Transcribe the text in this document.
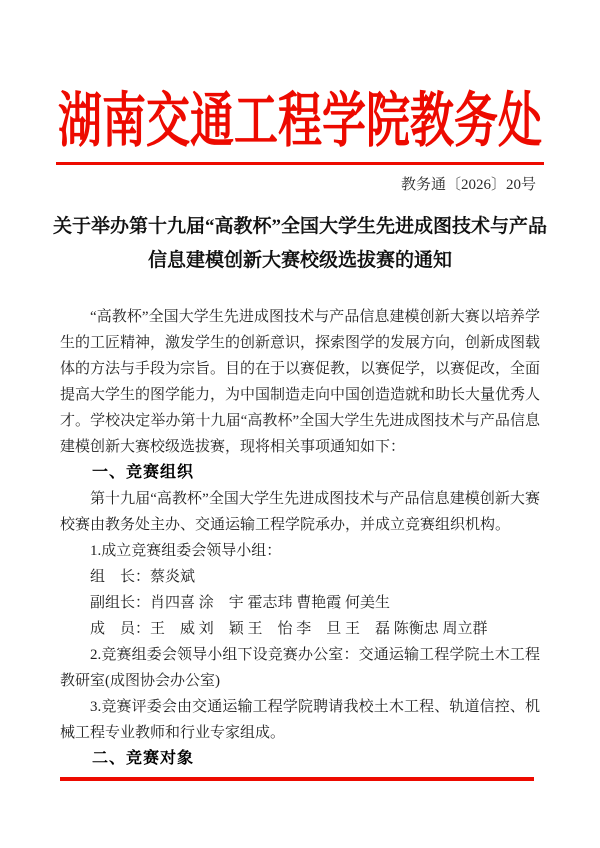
湖南交通工程学院教务处
教务通〔2026〕20号
关于举办第十九届“高教杯”全国大学生先进成图技术与产品信息建模创新大赛校级选拔赛的通知

“高教杯”全国大学生先进成图技术与产品信息建模创新大赛以培养学生的工匠精神，激发学生的创新意识，探索图学的发展方向，创新成图载体的方法与手段为宗旨。目的在于以赛促教，以赛促学，以赛促改，全面提高大学生的图学能力，为中国制造走向中国创造造就和助长大量优秀人才。学校决定举办第十九届“高教杯”全国大学生先进成图技术与产品信息建模创新大赛校级选拔赛，现将相关事项通知如下：

一、竞赛组织

第十九届“高教杯”全国大学生先进成图技术与产品信息建模创新大赛校赛由教务处主办、交通运输工程学院承办，并成立竞赛组织机构。

1.成立竞赛组委会领导小组：

组　长：蔡炎斌

副组长：肖四喜 涂　宇 霍志玮 曹艳霞 何美生

成　员：王　威 刘　颖 王　怡 李　旦 王　磊 陈衡忠 周立群

2.竞赛组委会领导小组下设竞赛办公室：交通运输工程学院土木工程教研室(成图协会办公室)

3.竞赛评委会由交通运输工程学院聘请我校土木工程、轨道信控、机械工程专业教师和行业专家组成。

二、竞赛对象
